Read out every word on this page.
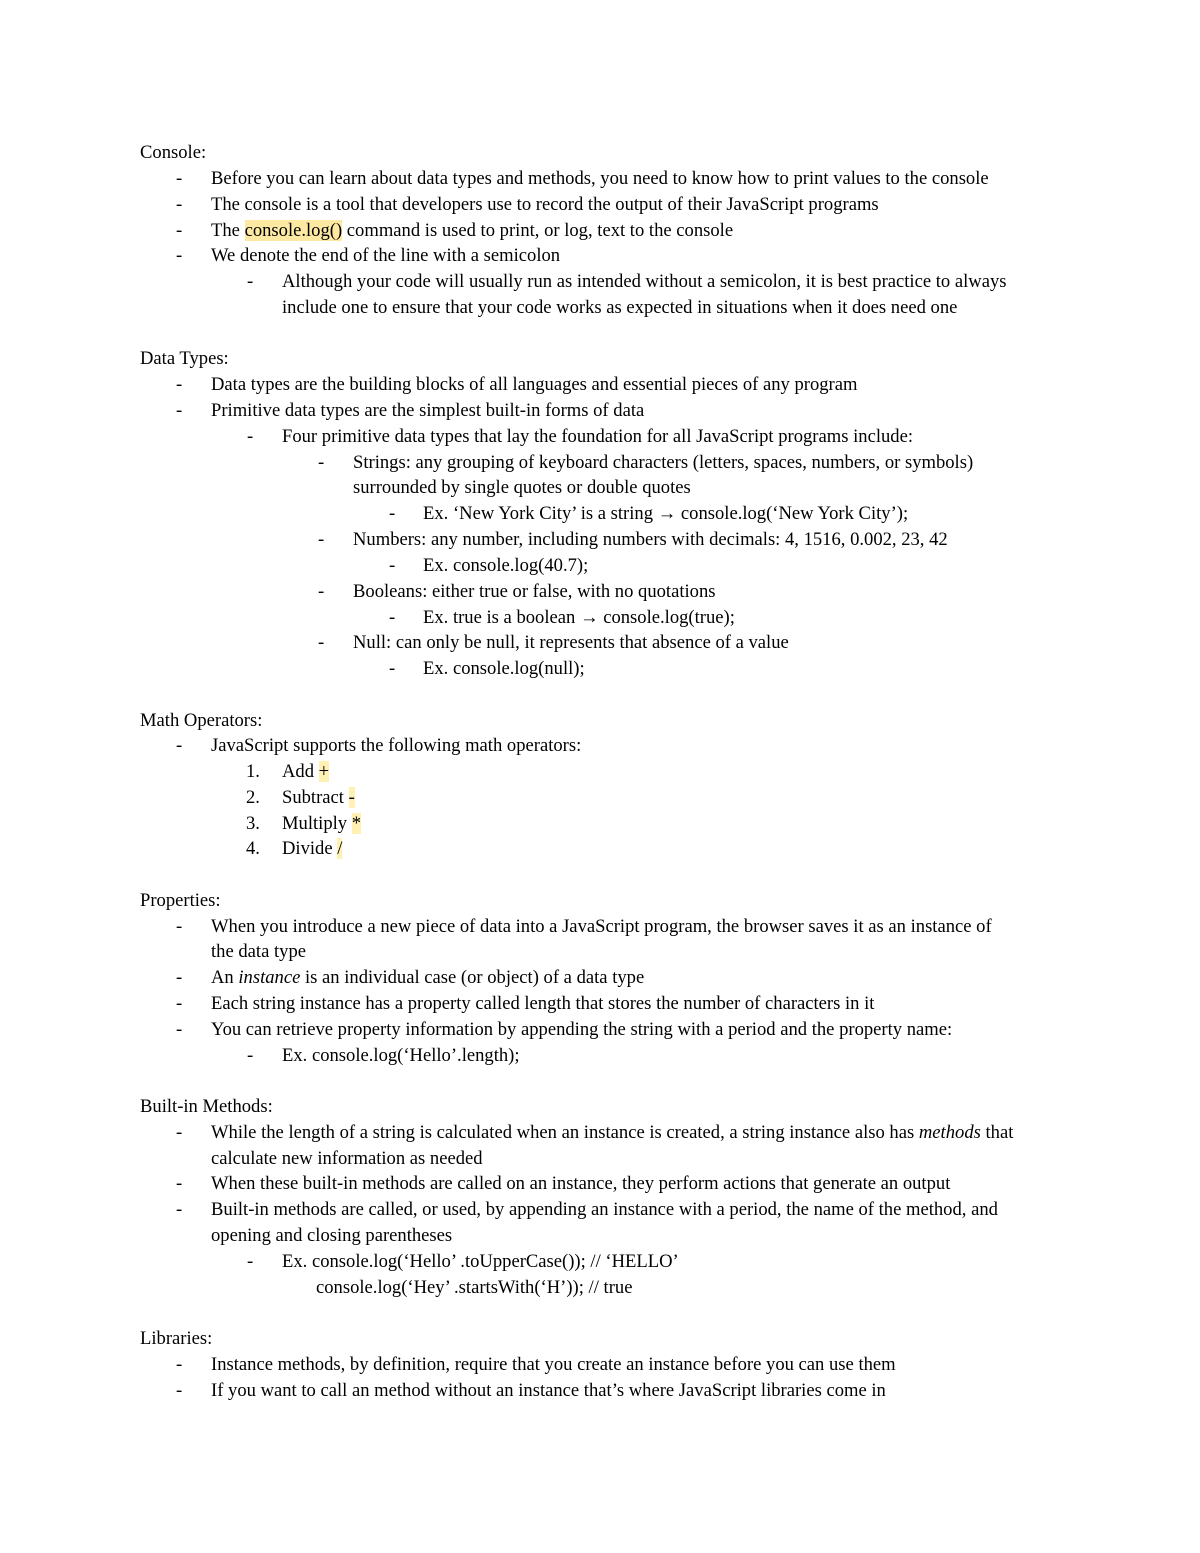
Console:
- Before you can learn about data types and methods, you need to know how to print values to the console
- The console is a tool that developers use to record the output of their JavaScript programs
- The console.log() command is used to print, or log, text to the console
- We denote the end of the line with a semicolon
- Although your code will usually run as intended without a semicolon, it is best practice to always
include one to ensure that your code works as expected in situations when it does need one
Data Types:
- Data types are the building blocks of all languages and essential pieces of any program
- Primitive data types are the simplest built-in forms of data
- Four primitive data types that lay the foundation for all JavaScript programs include:
- Strings: any grouping of keyboard characters (letters, spaces, numbers, or symbols)
surrounded by single quotes or double quotes
- Ex. ‘New York City’ is a string → console.log(‘New York City’);
- Numbers: any number, including numbers with decimals: 4, 1516, 0.002, 23, 42
- Ex. console.log(40.7);
- Booleans: either true or false, with no quotations
- Ex. true is a boolean → console.log(true);
- Null: can only be null, it represents that absence of a value
- Ex. console.log(null);
Math Operators:
- JavaScript supports the following math operators:
1. Add +
2. Subtract -
3. Multiply *
4. Divide /
Properties:
- When you introduce a new piece of data into a JavaScript program, the browser saves it as an instance of
the data type
- An instance is an individual case (or object) of a data type
- Each string instance has a property called length that stores the number of characters in it
- You can retrieve property information by appending the string with a period and the property name:
- Ex. console.log(‘Hello’.length);
Built-in Methods:
- While the length of a string is calculated when an instance is created, a string instance also has methods that
calculate new information as needed
- When these built-in methods are called on an instance, they perform actions that generate an output
- Built-in methods are called, or used, by appending an instance with a period, the name of the method, and
opening and closing parentheses
- Ex. console.log(‘Hello’ .toUpperCase()); // ‘HELLO’
console.log(‘Hey’ .startsWith(‘H’)); // true
Libraries:
- Instance methods, by definition, require that you create an instance before you can use them
- If you want to call an method without an instance that’s where JavaScript libraries come in
